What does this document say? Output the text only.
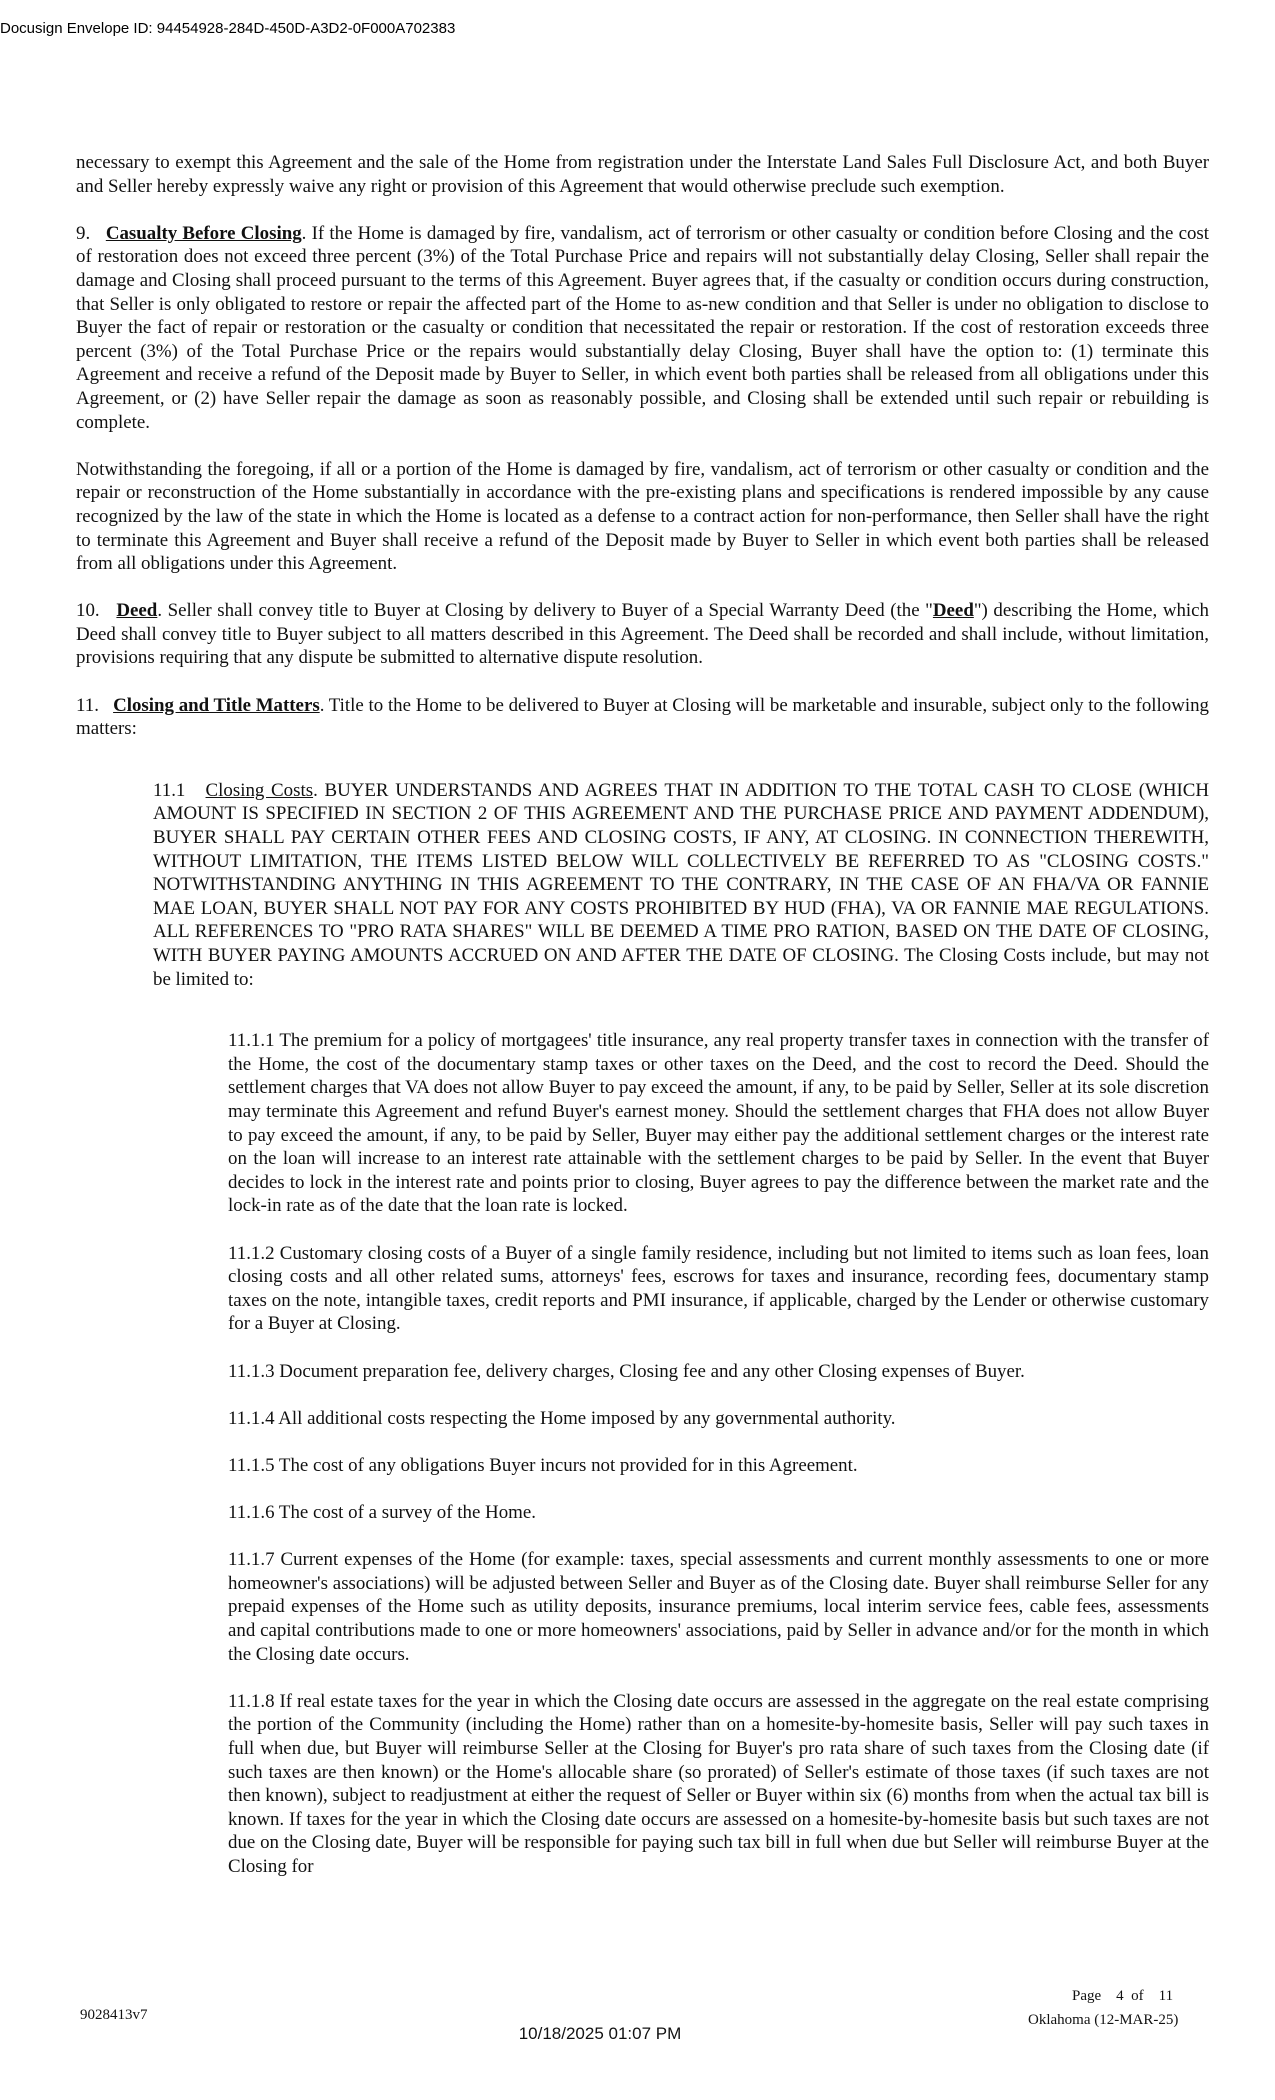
Docusign Envelope ID: 94454928-284D-450D-A3D2-0F000A702383

necessary to exempt this Agreement and the sale of the Home from registration under the Interstate Land Sales Full Disclosure Act, and both Buyer and Seller hereby expressly waive any right or provision of this Agreement that would otherwise preclude such exemption.

9. Casualty Before Closing. If the Home is damaged by fire, vandalism, act of terrorism or other casualty or condition before Closing and the cost of restoration does not exceed three percent (3%) of the Total Purchase Price and repairs will not substantially delay Closing, Seller shall repair the damage and Closing shall proceed pursuant to the terms of this Agreement. Buyer agrees that, if the casualty or condition occurs during construction, that Seller is only obligated to restore or repair the affected part of the Home to as-new condition and that Seller is under no obligation to disclose to Buyer the fact of repair or restoration or the casualty or condition that necessitated the repair or restoration. If the cost of restoration exceeds three percent (3%) of the Total Purchase Price or the repairs would substantially delay Closing, Buyer shall have the option to: (1) terminate this Agreement and receive a refund of the Deposit made by Buyer to Seller, in which event both parties shall be released from all obligations under this Agreement, or (2) have Seller repair the damage as soon as reasonably possible, and Closing shall be extended until such repair or rebuilding is complete.

Notwithstanding the foregoing, if all or a portion of the Home is damaged by fire, vandalism, act of terrorism or other casualty or condition and the repair or reconstruction of the Home substantially in accordance with the pre-existing plans and specifications is rendered impossible by any cause recognized by the law of the state in which the Home is located as a defense to a contract action for non-performance, then Seller shall have the right to terminate this Agreement and Buyer shall receive a refund of the Deposit made by Buyer to Seller in which event both parties shall be released from all obligations under this Agreement.

10. Deed. Seller shall convey title to Buyer at Closing by delivery to Buyer of a Special Warranty Deed (the "Deed") describing the Home, which Deed shall convey title to Buyer subject to all matters described in this Agreement. The Deed shall be recorded and shall include, without limitation, provisions requiring that any dispute be submitted to alternative dispute resolution.

11. Closing and Title Matters. Title to the Home to be delivered to Buyer at Closing will be marketable and insurable, subject only to the following matters:

11.1 Closing Costs. BUYER UNDERSTANDS AND AGREES THAT IN ADDITION TO THE TOTAL CASH TO CLOSE (WHICH AMOUNT IS SPECIFIED IN SECTION 2 OF THIS AGREEMENT AND THE PURCHASE PRICE AND PAYMENT ADDENDUM), BUYER SHALL PAY CERTAIN OTHER FEES AND CLOSING COSTS, IF ANY, AT CLOSING. IN CONNECTION THEREWITH, WITHOUT LIMITATION, THE ITEMS LISTED BELOW WILL COLLECTIVELY BE REFERRED TO AS "CLOSING COSTS." NOTWITHSTANDING ANYTHING IN THIS AGREEMENT TO THE CONTRARY, IN THE CASE OF AN FHA/VA OR FANNIE MAE LOAN, BUYER SHALL NOT PAY FOR ANY COSTS PROHIBITED BY HUD (FHA), VA OR FANNIE MAE REGULATIONS. ALL REFERENCES TO "PRO RATA SHARES" WILL BE DEEMED A TIME PRO RATION, BASED ON THE DATE OF CLOSING, WITH BUYER PAYING AMOUNTS ACCRUED ON AND AFTER THE DATE OF CLOSING. The Closing Costs include, but may not be limited to:

11.1.1 The premium for a policy of mortgagees' title insurance, any real property transfer taxes in connection with the transfer of the Home, the cost of the documentary stamp taxes or other taxes on the Deed, and the cost to record the Deed. Should the settlement charges that VA does not allow Buyer to pay exceed the amount, if any, to be paid by Seller, Seller at its sole discretion may terminate this Agreement and refund Buyer's earnest money. Should the settlement charges that FHA does not allow Buyer to pay exceed the amount, if any, to be paid by Seller, Buyer may either pay the additional settlement charges or the interest rate on the loan will increase to an interest rate attainable with the settlement charges to be paid by Seller. In the event that Buyer decides to lock in the interest rate and points prior to closing, Buyer agrees to pay the difference between the market rate and the lock-in rate as of the date that the loan rate is locked.

11.1.2 Customary closing costs of a Buyer of a single family residence, including but not limited to items such as loan fees, loan closing costs and all other related sums, attorneys' fees, escrows for taxes and insurance, recording fees, documentary stamp taxes on the note, intangible taxes, credit reports and PMI insurance, if applicable, charged by the Lender or otherwise customary for a Buyer at Closing.

11.1.3 Document preparation fee, delivery charges, Closing fee and any other Closing expenses of Buyer.

11.1.4 All additional costs respecting the Home imposed by any governmental authority.

11.1.5 The cost of any obligations Buyer incurs not provided for in this Agreement.

11.1.6 The cost of a survey of the Home.

11.1.7 Current expenses of the Home (for example: taxes, special assessments and current monthly assessments to one or more homeowner's associations) will be adjusted between Seller and Buyer as of the Closing date. Buyer shall reimburse Seller for any prepaid expenses of the Home such as utility deposits, insurance premiums, local interim service fees, cable fees, assessments and capital contributions made to one or more homeowners' associations, paid by Seller in advance and/or for the month in which the Closing date occurs.

11.1.8 If real estate taxes for the year in which the Closing date occurs are assessed in the aggregate on the real estate comprising the portion of the Community (including the Home) rather than on a homesite-by-homesite basis, Seller will pay such taxes in full when due, but Buyer will reimburse Seller at the Closing for Buyer's pro rata share of such taxes from the Closing date (if such taxes are then known) or the Home's allocable share (so prorated) of Seller's estimate of those taxes (if such taxes are not then known), subject to readjustment at either the request of Seller or Buyer within six (6) months from when the actual tax bill is known. If taxes for the year in which the Closing date occurs are assessed on a homesite-by-homesite basis but such taxes are not due on the Closing date, Buyer will be responsible for paying such tax bill in full when due but Seller will reimburse Buyer at the Closing for

Page 4 of 11
9028413v7	Oklahoma (12-MAR-25)
10/18/2025 01:07 PM
